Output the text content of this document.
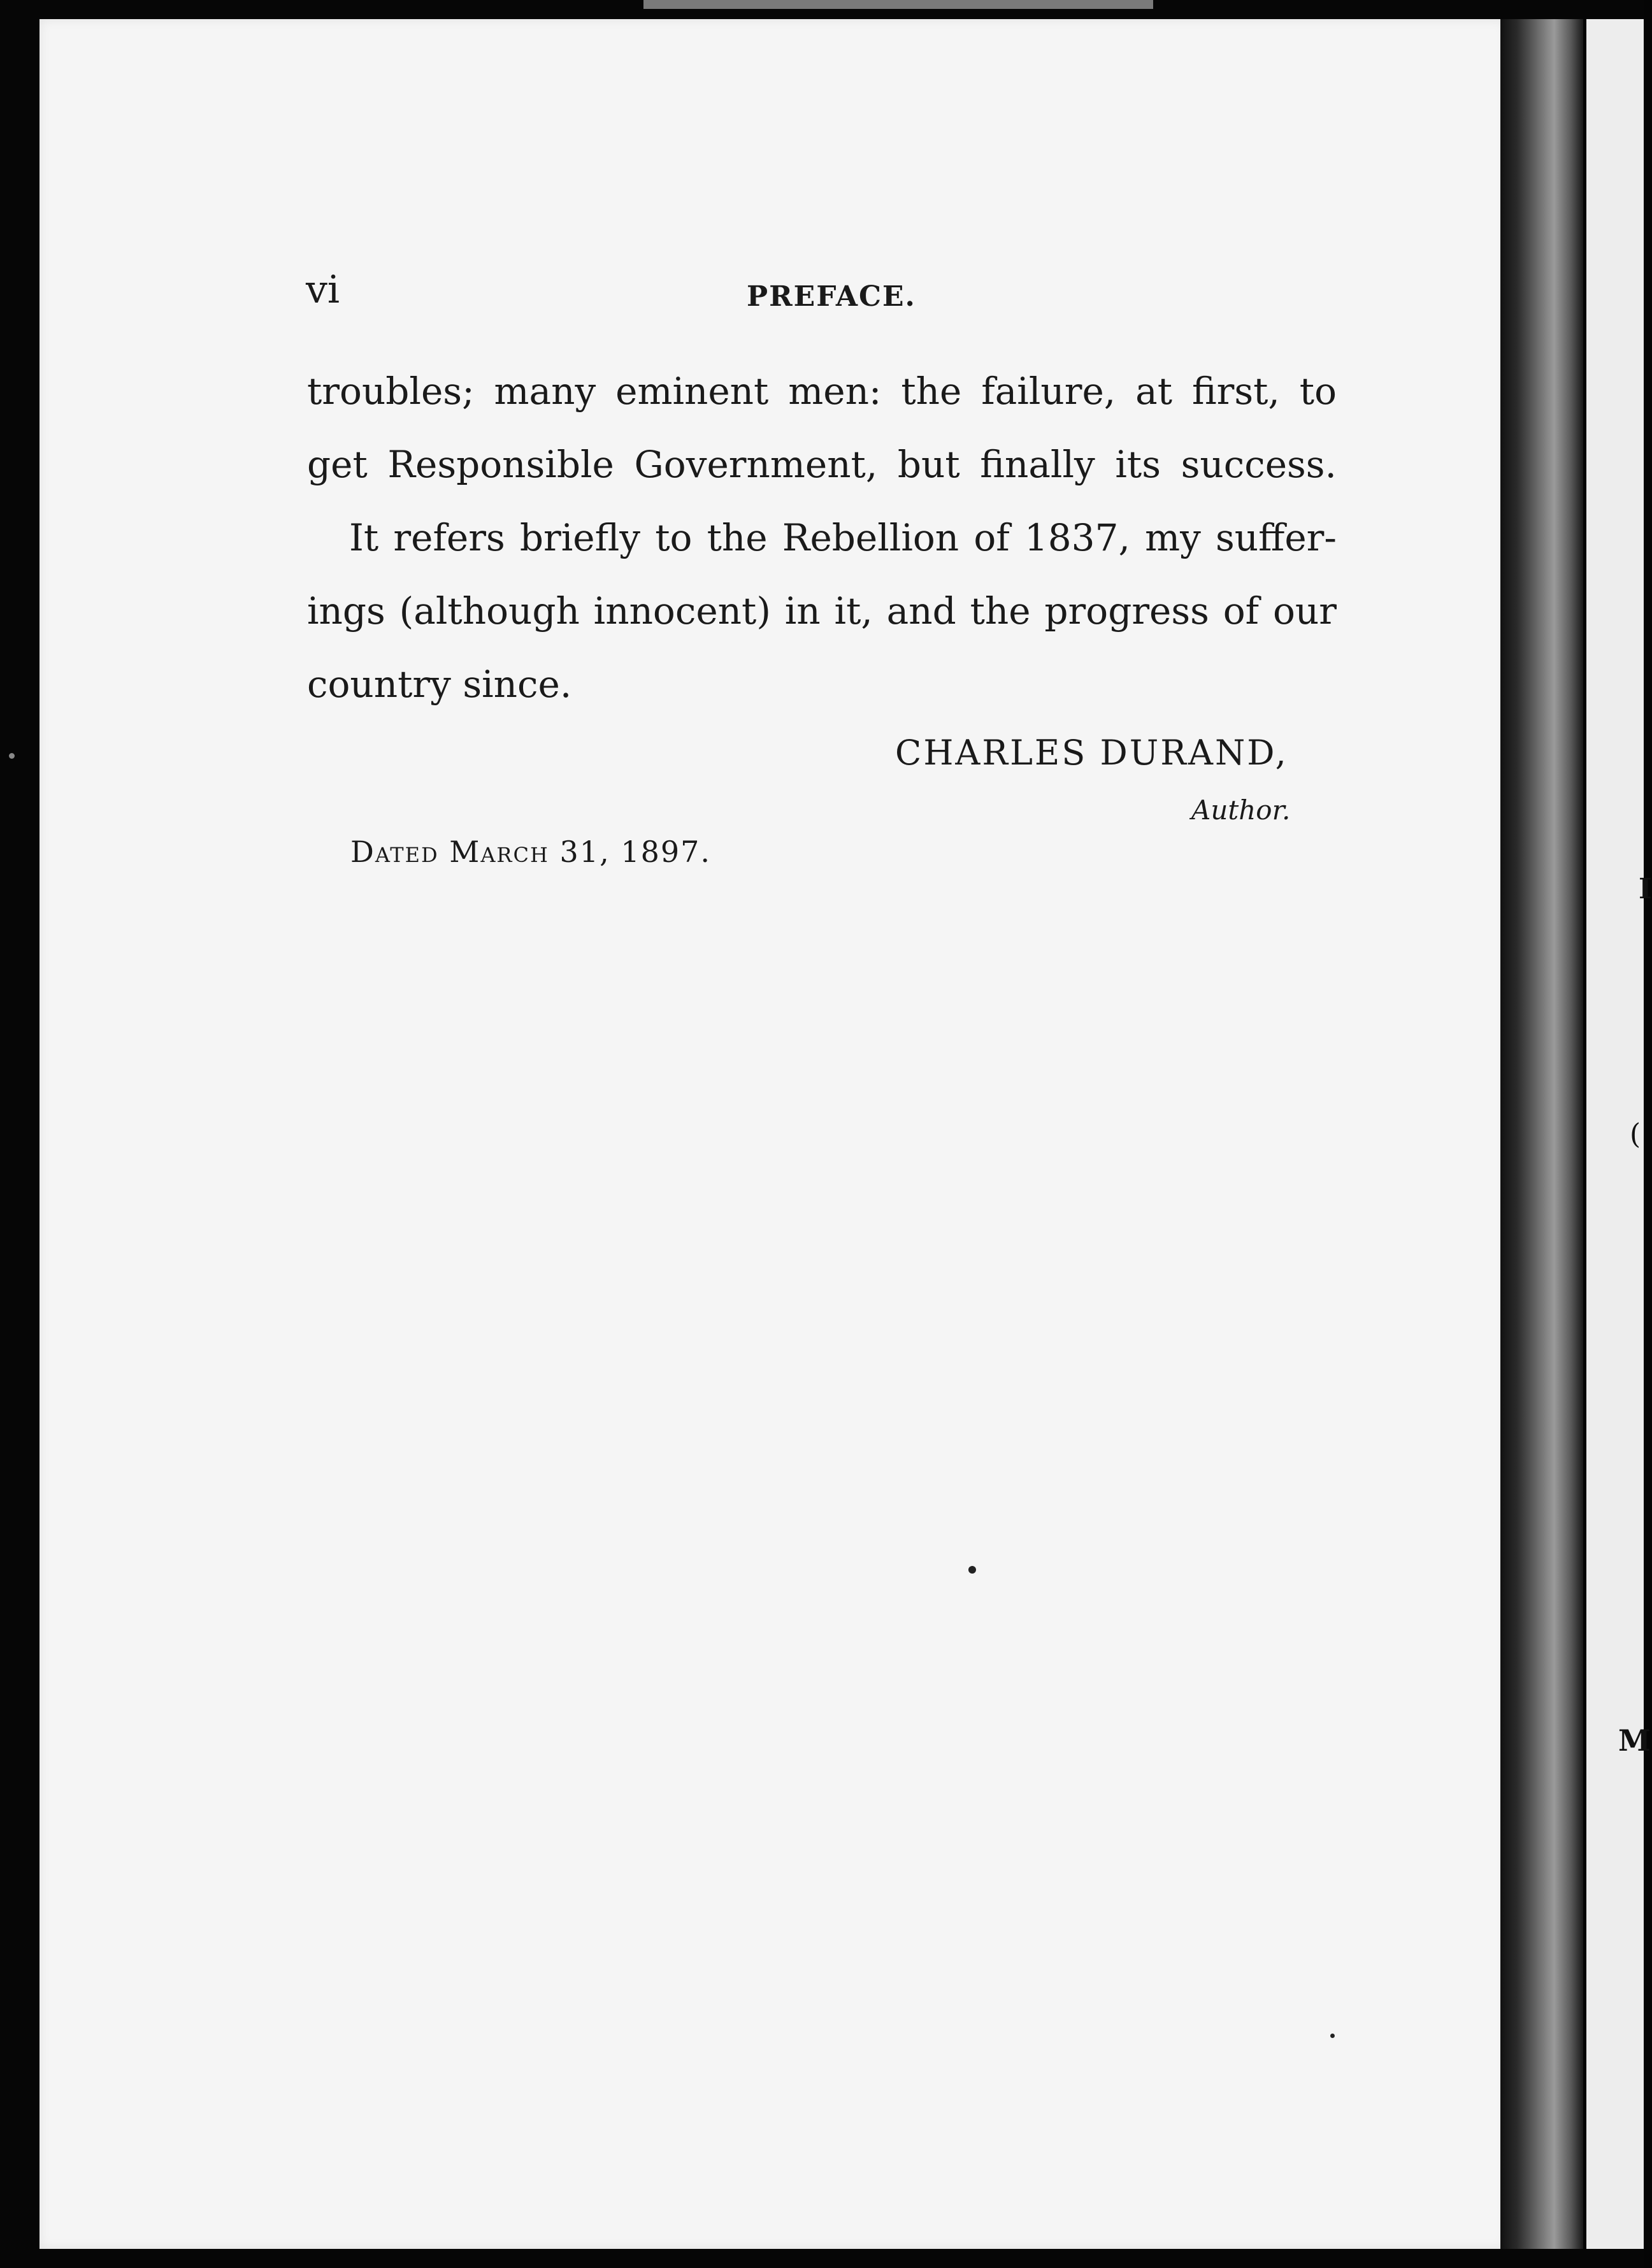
I
(
M
vi	PREFACE.
troubles; many eminent men: the failure, at first, to
get Responsible Government, but finally its success.
It refers briefly to the Rebellion of 1837, my suffer-
ings (although innocent) in it, and the progress of our
country since.
CHARLES DURAND,
Author.
Dated March 31, 1897.
